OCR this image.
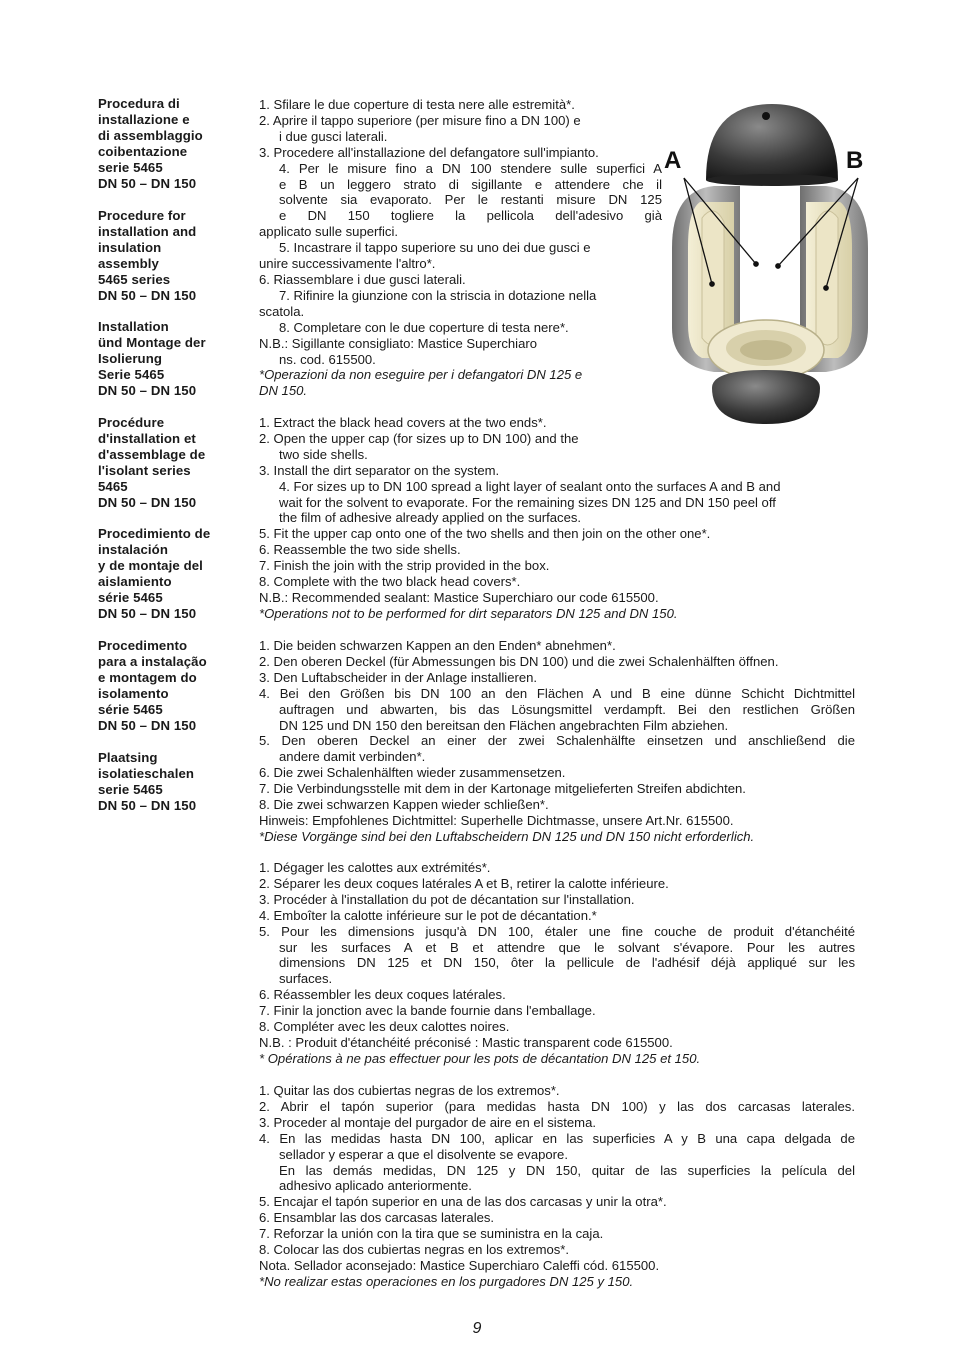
Procedura di
installazione e
di assemblaggio
coibentazione
serie 5465
DN 50 – DN 150
Procedure for
installation and
insulation
assembly
5465 series
DN 50 – DN 150
Installation
ünd Montage der
Isolierung
Serie 5465
DN 50 – DN 150
Procédure
d'installation et
d'assemblage de
l'isolant series
5465
DN 50 – DN 150
Procedimiento de
instalación
y de montaje del
aislamiento
série 5465
DN 50 – DN 150
Procedimento
para a instalação
e montagem do
isolamento
série 5465
DN 50 – DN 150
Plaatsing
isolatieschalen
serie 5465
DN 50 – DN 150
1. Sfilare le due coperture di testa nere alle estremità*.
2. Aprire il tappo superiore (per misure fino a DN 100) e
i due gusci laterali.
3. Procedere all'installazione del defangatore sull'impianto.
4. Per le misure fino a DN 100 stendere sulle superfici A
e B un leggero strato di sigillante e attendere che il
solvente sia evaporato. Per le restanti misure DN 125
e DN 150 togliere la pellicola dell'adesivo già
applicato sulle superfici.
5. Incastrare il tappo superiore su uno dei due gusci e
unire successivamente l'altro*.
6. Riassemblare i due gusci laterali.
7. Rifinire la giunzione con la striscia in dotazione nella
scatola.
8. Completare con le due coperture di testa nere*.
N.B.: Sigillante consigliato: Mastice Superchiaro
ns. cod. 615500.
*Operazioni da non eseguire per i defangatori DN 125 e
DN 150.
1. Extract the black head covers at the two ends*.
2. Open the upper cap (for sizes up to DN 100) and the
two side shells.
3. Install the dirt separator on the system.
4. For sizes up to DN 100 spread a light layer of sealant onto the surfaces A and B and
wait for the solvent to evaporate. For the remaining sizes DN 125 and DN 150 peel off
the film of adhesive already applied on the surfaces.
5. Fit the upper cap onto one of the two shells and then join on the other one*.
6. Reassemble the two side shells.
7. Finish the join with the strip provided in the box.
8. Complete with the two black head covers*.
N.B.: Recommended sealant: Mastice Superchiaro our code 615500.
*Operations not to be performed for dirt separators DN 125 and DN 150.
1. Die beiden schwarzen Kappen an den Enden* abnehmen*.
2. Den oberen Deckel (für Abmessungen bis DN 100) und die zwei Schalenhälften öffnen.
3. Den Luftabscheider in der Anlage installieren.
4. Bei den Größen bis DN 100 an den Flächen A und B eine dünne Schicht Dichtmittel
auftragen und abwarten, bis das Lösungsmittel verdampft. Bei den restlichen Größen
DN 125 und DN 150 den bereitsan den Flächen angebrachten Film abziehen.
5. Den oberen Deckel an einer der zwei Schalenhälfte einsetzen und anschließend die
andere damit verbinden*.
6. Die zwei Schalenhälften wieder zusammensetzen.
7. Die Verbindungsstelle mit dem in der Kartonage mitgelieferten Streifen abdichten.
8. Die zwei schwarzen Kappen wieder schließen*.
Hinweis: Empfohlenes Dichtmittel: Superhelle Dichtmasse, unsere Art.Nr. 615500.
*Diese Vorgänge sind bei den Luftabscheidern DN 125 und DN 150 nicht erforderlich.
1. Dégager les calottes aux extrémités*.
2. Séparer les deux coques latérales A et B, retirer la calotte inférieure.
3. Procéder à l'installation du pot de décantation sur l'installation.
4. Emboîter la calotte inférieure sur le pot de décantation.*
5. Pour les dimensions jusqu'à DN 100, étaler une fine couche de produit d'étanchéité
sur les surfaces A et B et attendre que le solvant s'évapore. Pour les autres
dimensions DN 125 et DN 150, ôter la pellicule de l'adhésif déjà appliqué sur les
surfaces.
6. Réassembler les deux coques latérales.
7. Finir la jonction avec la bande fournie dans l'emballage.
8. Compléter avec les deux calottes noires.
N.B. : Produit d'étanchéité préconisé : Mastic transparent code 615500.
* Opérations à ne pas effectuer pour les pots de décantation DN 125 et 150.
1. Quitar las dos cubiertas negras de los extremos*.
2. Abrir el tapón superior (para medidas hasta DN 100) y las dos carcasas laterales.
3. Proceder al montaje del purgador de aire en el sistema.
4. En las medidas hasta DN 100, aplicar en las superficies A y B una capa delgada de
sellador y esperar a que el disolvente se evapore.
En las demás medidas, DN 125 y DN 150, quitar de las superficies la película del
adhesivo aplicado anteriormente.
5. Encajar el tapón superior en una de las dos carcasas y unir la otra*.
6. Ensamblar las dos carcasas laterales.
7. Reforzar la unión con la tira que se suministra en la caja.
8. Colocar las dos cubiertas negras en los extremos*.
Nota. Sellador aconsejado: Mastice Superchiaro Caleffi cód. 615500.
*No realizar estas operaciones en los purgadores DN 125 y 150.
A	B
9
